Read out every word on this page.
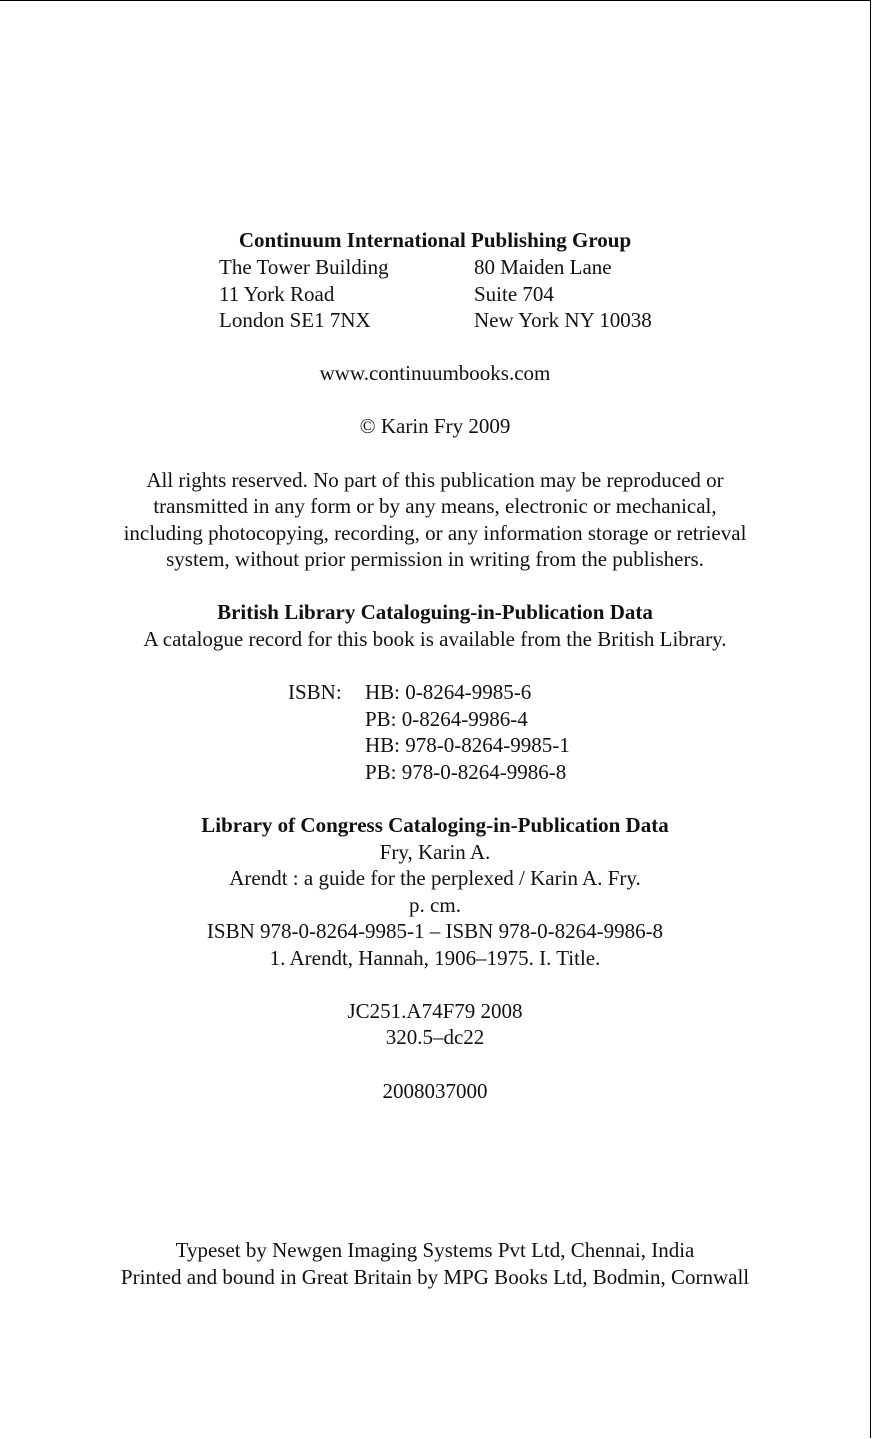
Continuum International Publishing Group
The Tower Building
11 York Road
London SE1 7NX
80 Maiden Lane
Suite 704
New York NY 10038
www.continuumbooks.com
© Karin Fry 2009
All rights reserved. No part of this publication may be reproduced or
transmitted in any form or by any means, electronic or mechanical,
including photocopying, recording, or any information storage or retrieval
system, without prior permission in writing from the publishers.
British Library Cataloguing-in-Publication Data
A catalogue record for this book is available from the British Library.
ISBN: HB: 0-8264-9985-6
PB: 0-8264-9986-4
HB: 978-0-8264-9985-1
PB: 978-0-8264-9986-8
Library of Congress Cataloging-in-Publication Data
Fry, Karin A.
Arendt : a guide for the perplexed / Karin A. Fry.
p. cm.
ISBN 978-0-8264-9985-1 – ISBN 978-0-8264-9986-8
1. Arendt, Hannah, 1906–1975. I. Title.
JC251.A74F79 2008
320.5–dc22
2008037000
Typeset by Newgen Imaging Systems Pvt Ltd, Chennai, India
Printed and bound in Great Britain by MPG Books Ltd, Bodmin, Cornwall
